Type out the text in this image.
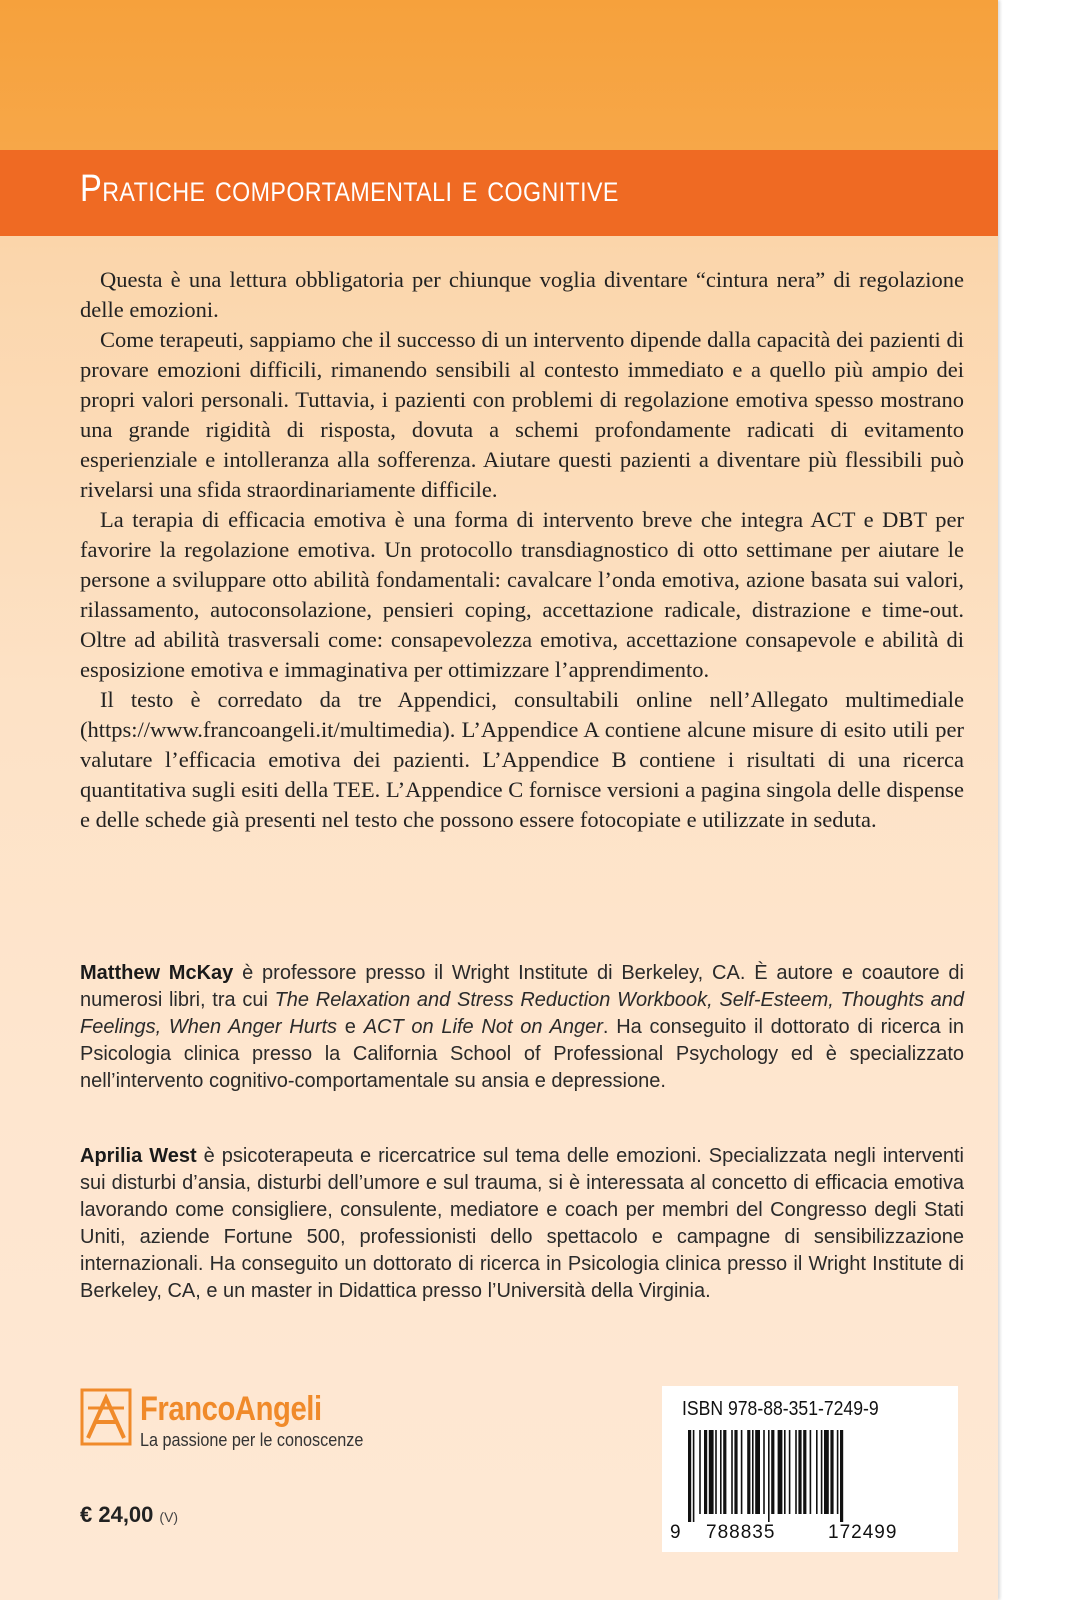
Pratiche comportamentali e cognitive

Questa è una lettura obbligatoria per chiunque voglia diventare “cintura nera” di regolazione delle emozioni.

Come terapeuti, sappiamo che il successo di un intervento dipende dalla capacità dei pazienti di provare emozioni difficili, rimanendo sensibili al contesto immediato e a quello più ampio dei propri valori personali. Tuttavia, i pazienti con problemi di regolazione emotiva spesso mostrano una grande rigidità di risposta, dovuta a schemi profondamente radicati di evitamento esperienziale e intolleranza alla sofferenza. Aiutare questi pazienti a diventare più flessibili può rivelarsi una sfida straordinariamente difficile.

La terapia di efficacia emotiva è una forma di intervento breve che integra ACT e DBT per favorire la regolazione emotiva. Un protocollo transdiagnostico di otto settimane per aiutare le persone a sviluppare otto abilità fondamentali: cavalcare l’onda emotiva, azione basata sui valori, rilassamento, autoconsolazione, pensieri coping, accettazione radicale, distrazione e time-out. Oltre ad abilità trasversali come: consapevolezza emotiva, accettazione consapevole e abilità di esposizione emotiva e immaginativa per ottimizzare l’apprendimento.

Il testo è corredato da tre Appendici, consultabili online nell’Allegato multimediale (https://www.francoangeli.it/multimedia). L’Appendice A contiene alcune misure di esito utili per valutare l’efficacia emotiva dei pazienti. L’Appendice B contiene i risultati di una ricerca quantitativa sugli esiti della TEE. L’Appendice C fornisce versioni a pagina singola delle dispense e delle schede già presenti nel testo che possono essere fotocopiate e utilizzate in seduta.

Matthew McKay è professore presso il Wright Institute di Berkeley, CA. È autore e coautore di numerosi libri, tra cui The Relaxation and Stress Reduction Workbook, Self-Esteem, Thoughts and Feelings, When Anger Hurts e ACT on Life Not on Anger. Ha conseguito il dottorato di ricerca in Psicologia clinica presso la California School of Professional Psychology ed è specializzato nell’intervento cognitivo-comportamentale su ansia e depressione.
Aprilia West è psicoterapeuta e ricercatrice sul tema delle emozioni. Specializzata negli interventi sui disturbi d’ansia, disturbi dell’umore e sul trauma, si è interessata al concetto di efficacia emotiva lavorando come consigliere, consulente, mediatore e coach per membri del Congresso degli Stati Uniti, aziende Fortune 500, professionisti dello spettacolo e campagne di sensibilizzazione internazionali. Ha conseguito un dottorato di ricerca in Psicologia clinica presso il Wright Institute di Berkeley, CA, e un master in Didattica presso l’Università della Virginia.
FrancoAngeli
La passione per le conoscenze
€ 24,00 (V)
ISBN 978-88-351-7249-9
9 788835	172499
